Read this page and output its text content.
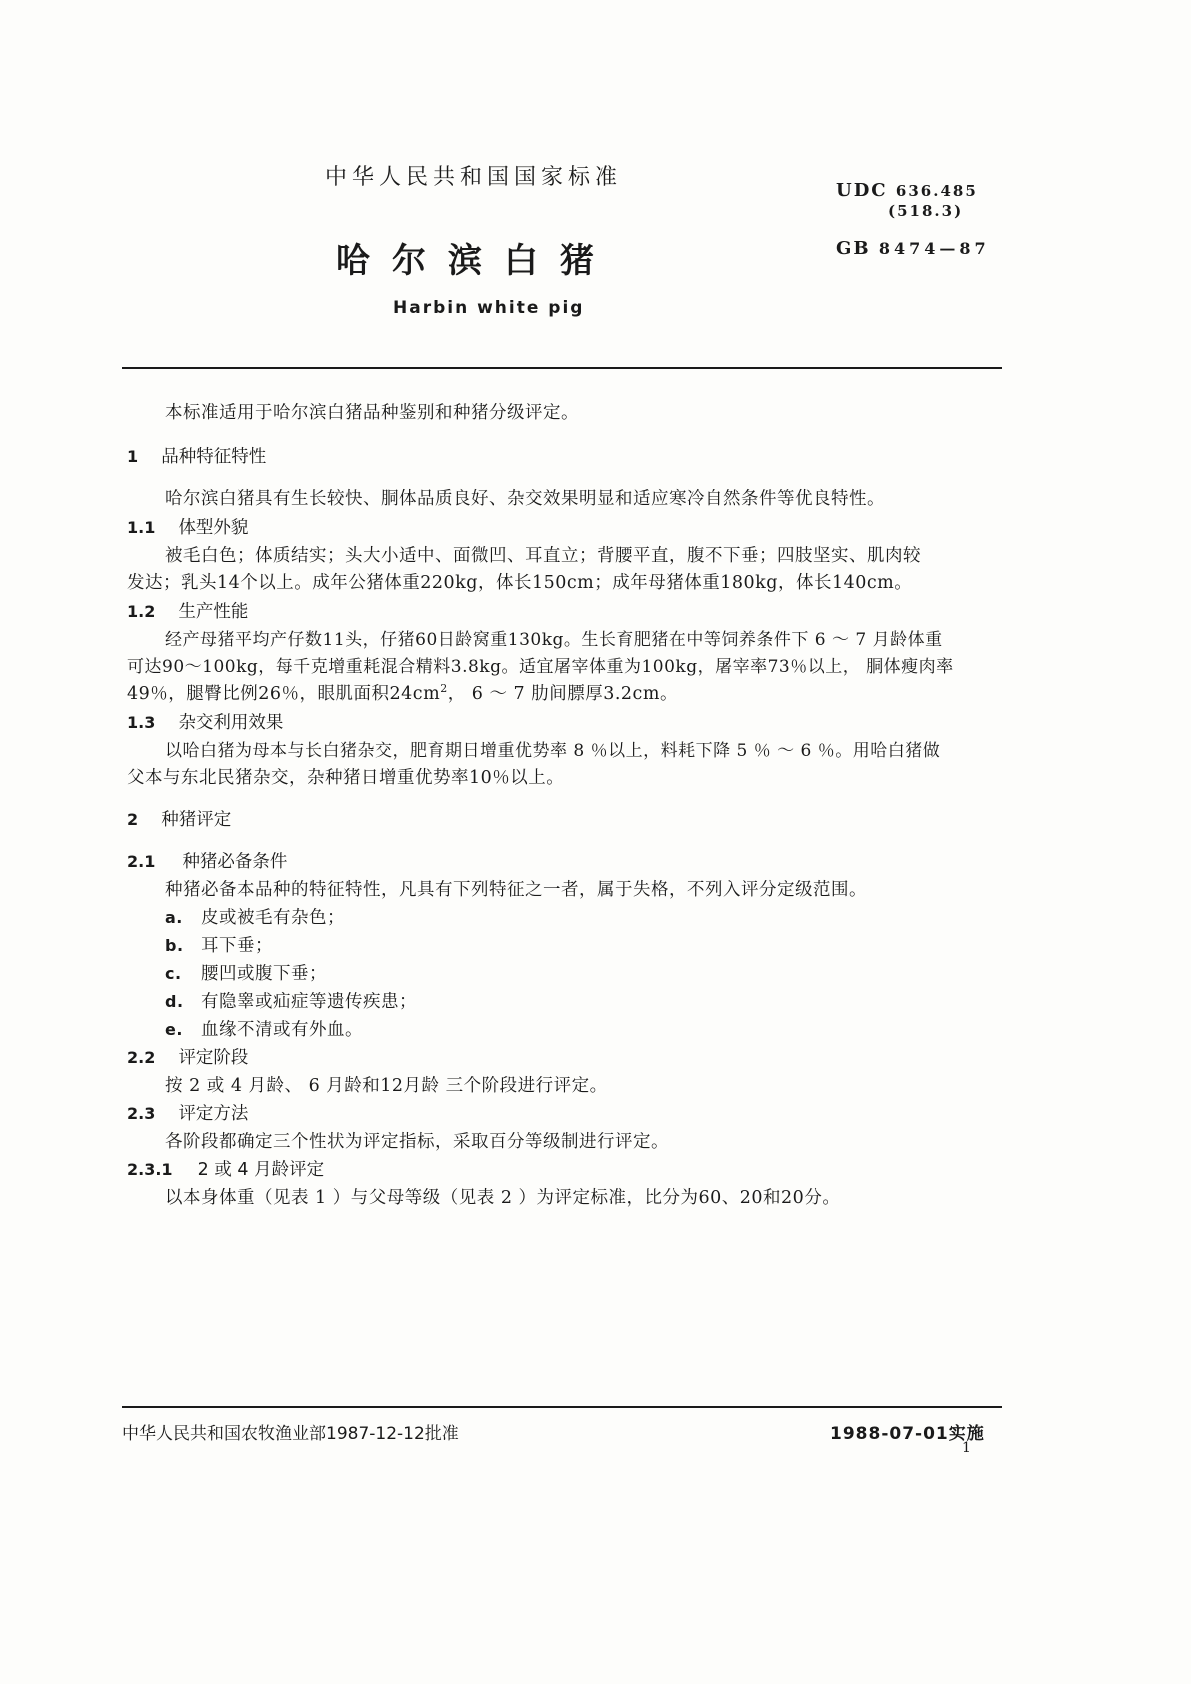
中华人民共和国国家标准
UDC 636.485
(518.3)
哈尔滨白猪	GB 8474—87
Harbin white pig
本标准适用于哈尔滨白猪品种鉴别和种猪分级评定。
1 品种特征特性
哈尔滨白猪具有生长较快、胴体品质良好、杂交效果明显和适应寒冷自然条件等优良特性。
1.1 体型外貌
被毛白色；体质结实；头大小适中、面微凹、耳直立；背腰平直，腹不下垂；四肢坚实、肌肉较
发达；乳头14个以上。成年公猪体重220kg，体长150cm；成年母猪体重180kg，体长140cm。
1.2 生产性能
经产母猪平均产仔数11头，仔猪60日龄窝重130kg。生长育肥猪在中等饲养条件下 6 ～ 7 月龄体重
可达90～100kg，每千克增重耗混合精料3.8kg。适宜屠宰体重为100kg，屠宰率73％以上， 胴体瘦肉率
49％，腿臀比例26％，眼肌面积$24cm^2$， 6 ～ 7 肋间膘厚3.2cm。
1.3 杂交利用效果
以哈白猪为母本与长白猪杂交，肥育期日增重优势率 8 ％以上，料耗下降 5 ％ ～ 6 ％。用哈白猪做
父本与东北民猪杂交，杂种猪日增重优势率10％以上。
2 种猪评定
2.1 种猪必备条件
种猪必备本品种的特征特性，凡具有下列特征之一者，属于失格，不列入评分定级范围。
a. 皮或被毛有杂色；
b. 耳下垂；
c. 腰凹或腹下垂；
d. 有隐睾或疝症等遗传疾患；
e. 血缘不清或有外血。
2.2 评定阶段
按 2 或 4 月龄、 6 月龄和12月龄 三个阶段进行评定。
2.3 评定方法
各阶段都确定三个性状为评定指标，采取百分等级制进行评定。
2.3.1 2 或 4 月龄评定
以本身体重（见表 1 ）与父母等级（见表 2 ）为评定标准，比分为60、20和20分。
中华人民共和国农牧渔业部1987-12-12批准	1988-07-01实施
1
